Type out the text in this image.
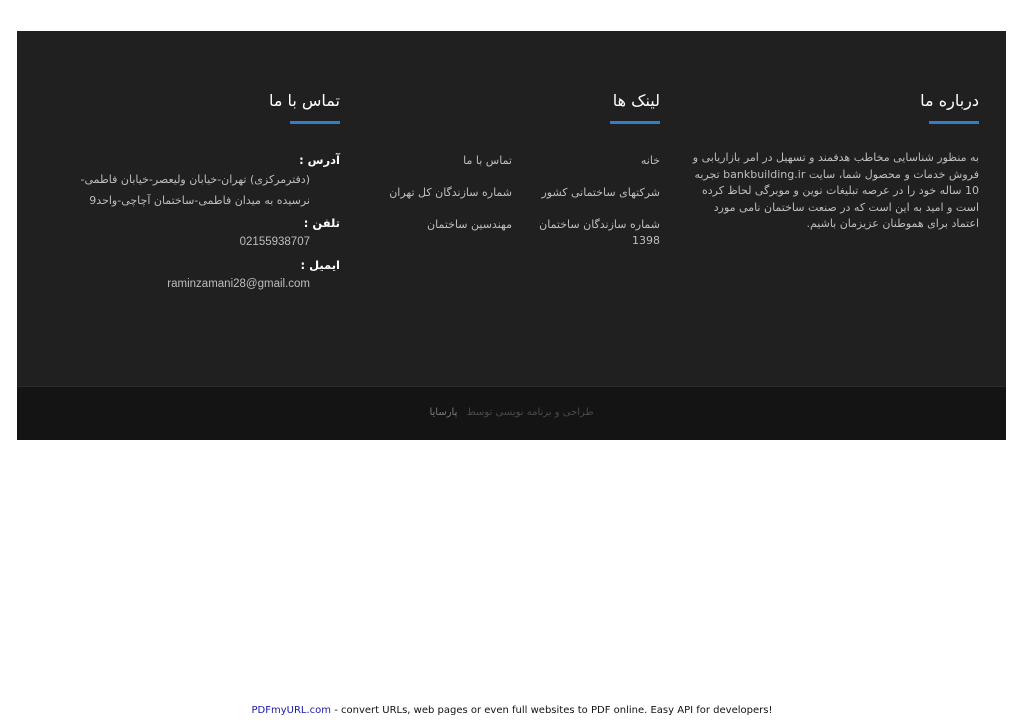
درباره ما
به منظور شناسایی مخاطب هدفمند و تسهیل در امر بازاریابی و فروش خدمات و محصول شما، سایت bankbuilding.ir تجربه 10 ساله خود را در عرصه تبلیغات نوین و موبرگی لحاظ کرده است و امید به این است که در صنعت ساختمان نامی مورد اعتماد برای هموطنان عزیزمان باشیم.
لینک ها
خانه
تماس با ما
شرکتهای ساختمانی کشور
شماره سازندگان کل تهران
شماره سازندگان ساختمان 1398
مهندسین ساختمان
تماس با ما
آدرس :
(دفترمرکزی) تهران-خیابان ولیعصر-خیابان فاطمی-نرسیده به میدان فاطمی-ساختمان آچاچی-واحد9
تلفن :
02155938707
ایمیل :
raminzamani28@gmail.com
طراحی و برنامه نویسی توسط پارسایا
PDFmyURL.com - convert URLs, web pages or even full websites to PDF online. Easy API for developers!
